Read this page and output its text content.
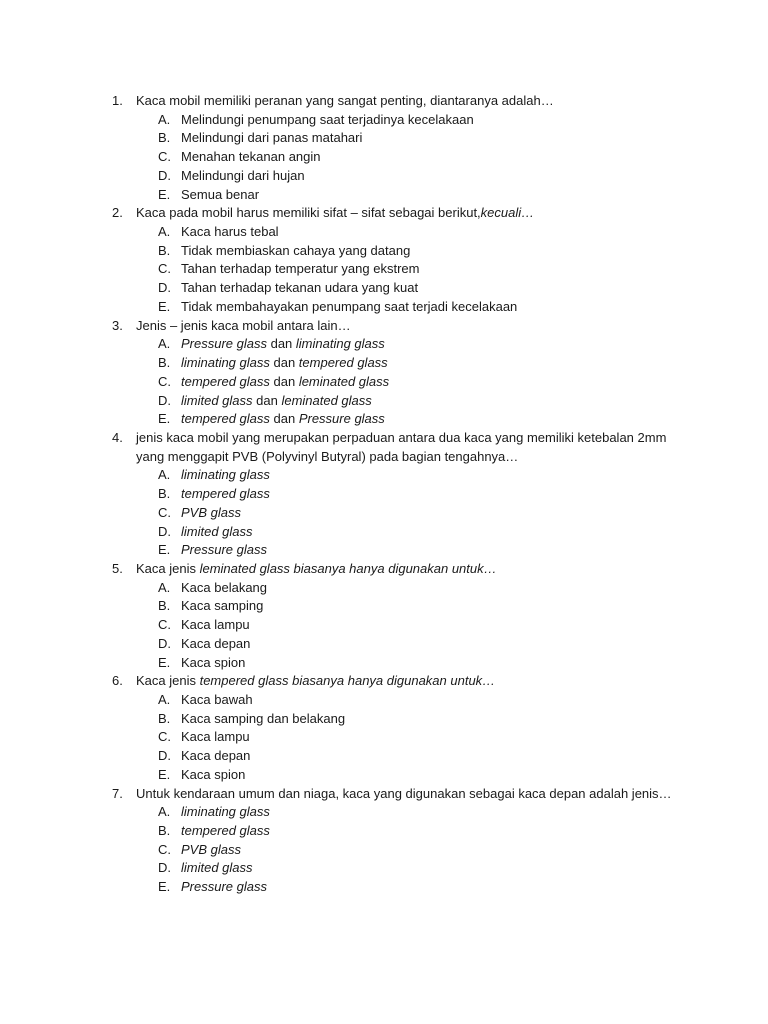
1. Kaca mobil memiliki peranan yang sangat penting, diantaranya adalah…
A. Melindungi penumpang saat terjadinya kecelakaan
B. Melindungi dari panas matahari
C. Menahan tekanan angin
D. Melindungi dari hujan
E. Semua benar
2. Kaca pada mobil harus memiliki sifat – sifat sebagai berikut,kecuali…
A. Kaca harus tebal
B. Tidak membiaskan cahaya yang datang
C. Tahan terhadap temperatur yang ekstrem
D. Tahan terhadap tekanan udara yang kuat
E. Tidak membahayakan penumpang saat terjadi kecelakaan
3. Jenis – jenis kaca mobil antara lain…
A. Pressure glass dan liminating glass
B. liminating glass dan tempered glass
C. tempered glass dan leminated glass
D. limited glass dan leminated glass
E. tempered glass dan Pressure glass
4. jenis kaca mobil yang merupakan perpaduan antara dua kaca yang memiliki ketebalan 2mm
yang menggapit PVB (Polyvinyl Butyral) pada bagian tengahnya…
A. liminating glass
B. tempered glass
C. PVB glass
D. limited glass
E. Pressure glass
5. Kaca jenis leminated glass biasanya hanya digunakan untuk…
A. Kaca belakang
B. Kaca samping
C. Kaca lampu
D. Kaca depan
E. Kaca spion
6. Kaca jenis tempered glass biasanya hanya digunakan untuk…
A. Kaca bawah
B. Kaca samping dan belakang
C. Kaca lampu
D. Kaca depan
E. Kaca spion
7. Untuk kendaraan umum dan niaga, kaca yang digunakan sebagai kaca depan adalah jenis…
A. liminating glass
B. tempered glass
C. PVB glass
D. limited glass
E. Pressure glass
